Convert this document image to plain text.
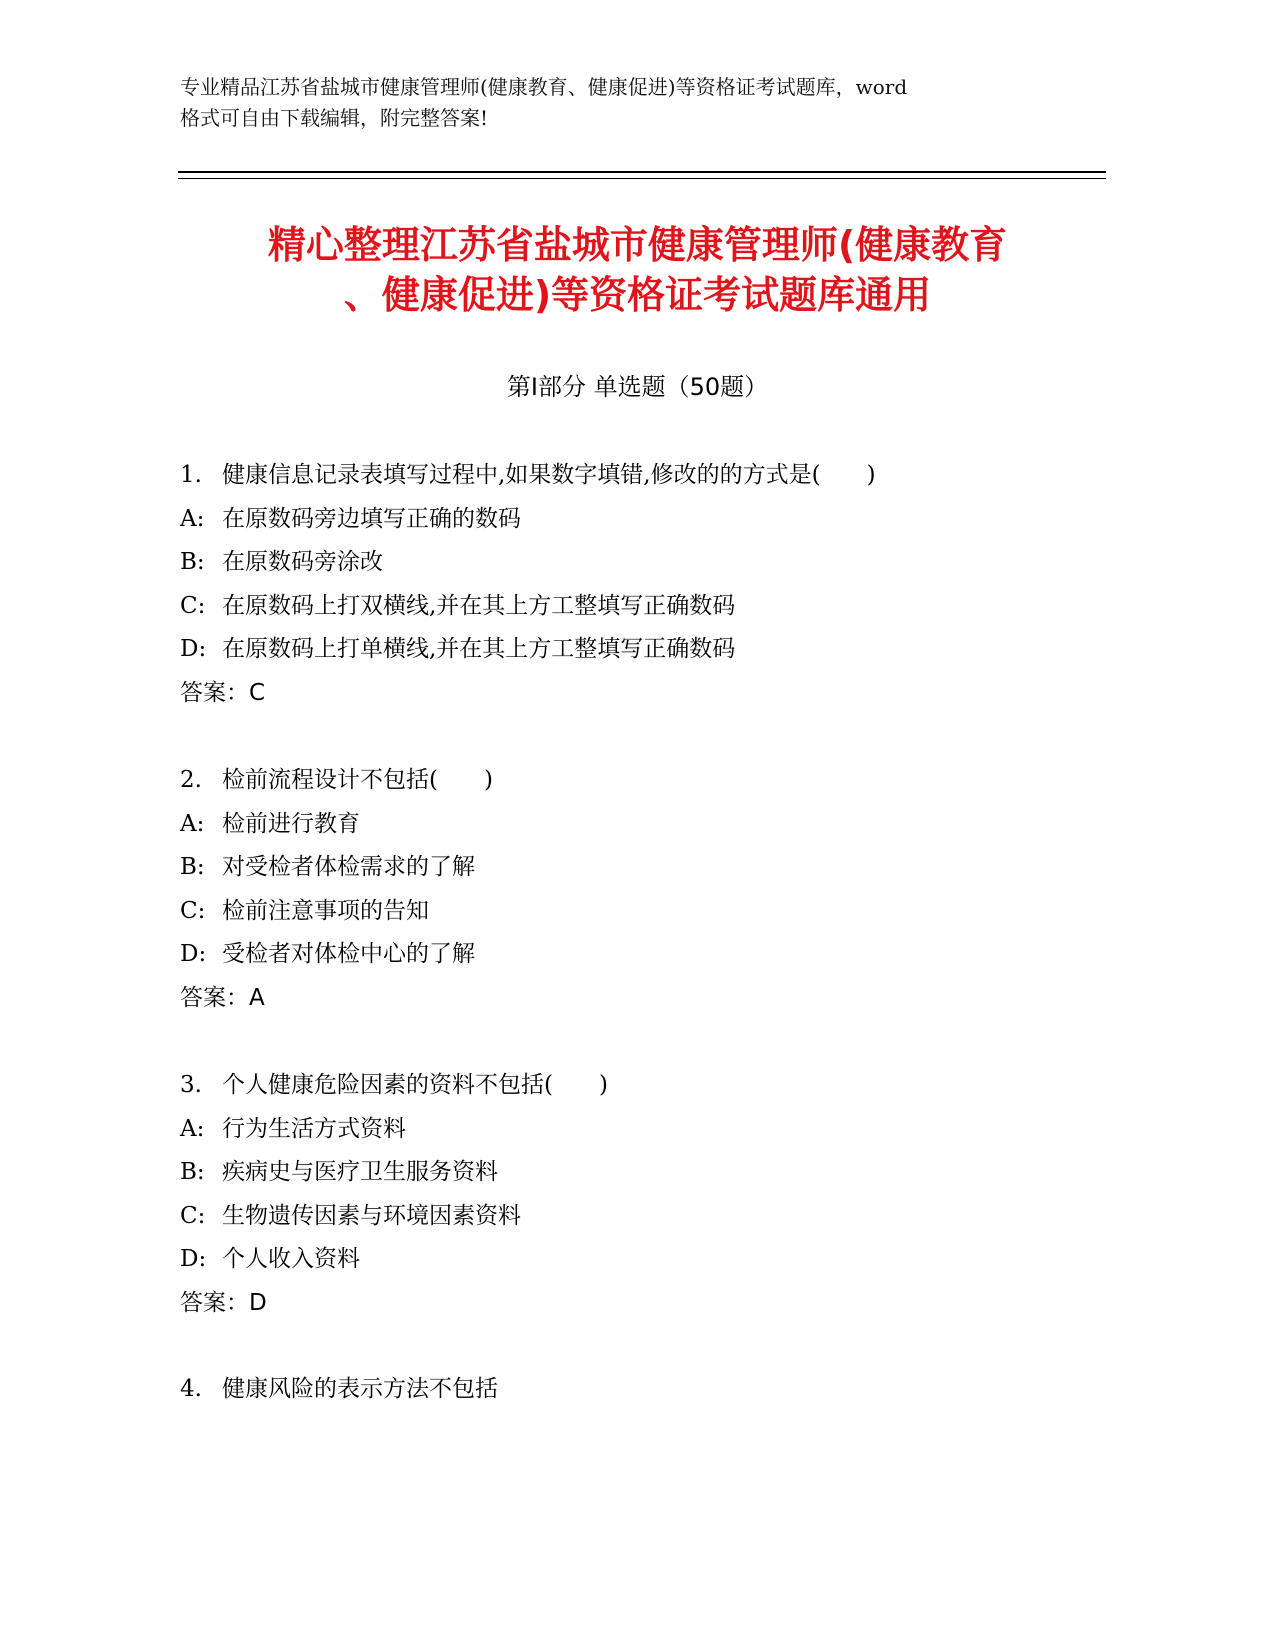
专业精品江苏省盐城市健康管理师(健康教育、健康促进)等资格证考试题库，word
格式可自由下载编辑，附完整答案!
精心整理江苏省盐城市健康管理师(健康教育
、健康促进)等资格证考试题库通用
第Ⅰ部分 单选题（50题）
1. 健康信息记录表填写过程中,如果数字填错,修改的的方式是(　　)
A: 在原数码旁边填写正确的数码
B: 在原数码旁涂改
C: 在原数码上打双横线,并在其上方工整填写正确数码
D: 在原数码上打单横线,并在其上方工整填写正确数码
答案：C
2. 检前流程设计不包括(　　)
A: 检前进行教育
B: 对受检者体检需求的了解
C: 检前注意事项的告知
D: 受检者对体检中心的了解
答案：A
3. 个人健康危险因素的资料不包括(　　)
A: 行为生活方式资料
B: 疾病史与医疗卫生服务资料
C: 生物遗传因素与环境因素资料
D: 个人收入资料
答案：D
4. 健康风险的表示方法不包括
